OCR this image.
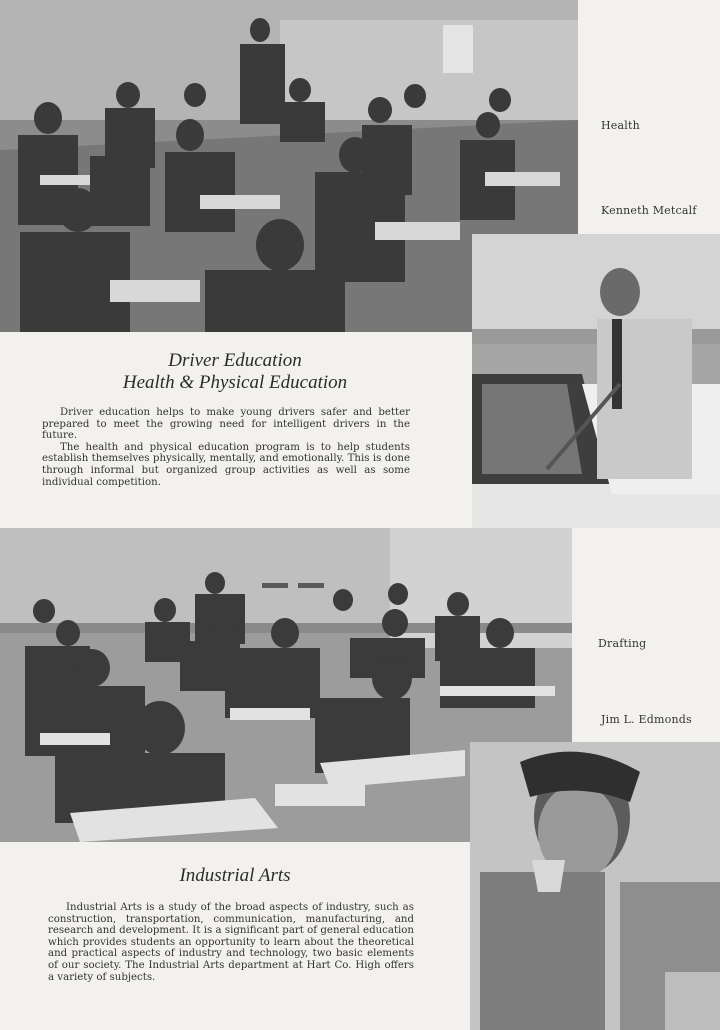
Health
Kenneth Metcalf
Driver Education
Health & Physical Education

Driver education helps to make young drivers safer and better prepared to meet the growing need for intelligent drivers in the future.

The health and physical education program is to help students establish themselves physically, mentally, and emotionally. This is done through informal but organized group activities as well as some individual competition.

Drafting
Jim L. Edmonds
Industrial Arts

Industrial Arts is a study of the broad aspects of industry, such as construction, transportation, communication, manufacturing, and research and development. It is a significant part of general education which provides students an opportunity to learn about the theoretical and practical aspects of industry and technology, two basic elements of our society. The Industrial Arts department at Hart Co. High offers a variety of subjects.
